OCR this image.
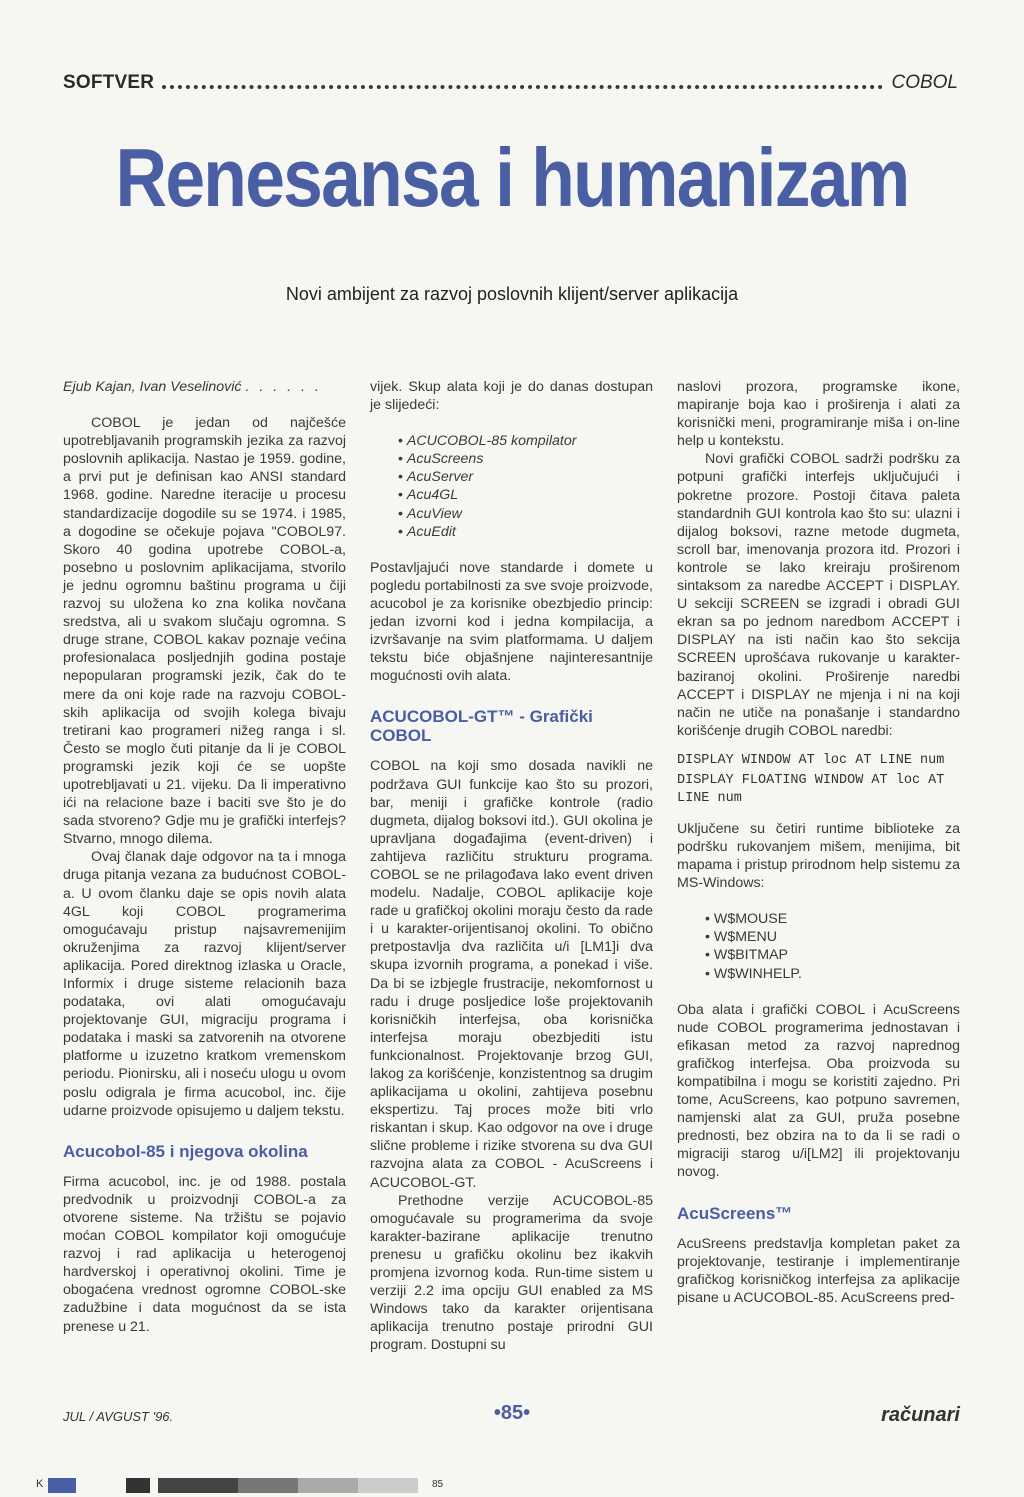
SOFTVER	COBOL
Renesansa i humanizam
Novi ambijent za razvoj poslovnih klijent/server aplikacija
Ejub Kajan, Ivan Veselinović . . . . . .

COBOL je jedan od najčešće upotrebljavanih programskih jezika za razvoj poslovnih aplikacija. Nastao je 1959. godine, a prvi put je definisan kao ANSI standard 1968. godine. Naredne iteracije u procesu standardizacije dogodile su se 1974. i 1985, a dogodine se očekuje pojava "COBOL97. Skoro 40 godina upotrebe COBOL-a, posebno u poslovnim aplikacijama, stvorilo je jednu ogromnu baštinu programa u čiji razvoj su uložena ko zna kolika novčana sredstva, ali u svakom slučaju ogromna. S druge strane, COBOL kakav poznaje većina profesionalaca posljednjih godina postaje nepopularan programski jezik, čak do te mere da oni koje rade na razvoju COBOL-skih aplikacija od svojih kolega bivaju tretirani kao programeri nižeg ranga i sl. Često se moglo čuti pitanje da li je COBOL programski jezik koji će se uopšte upotrebljavati u 21. vijeku. Da li imperativno ići na relacione baze i baciti sve što je do sada stvoreno? Gdje mu je grafički interfejs? Stvarno, mnogo dilema.

Ovaj članak daje odgovor na ta i mnoga druga pitanja vezana za budućnost COBOL-a. U ovom članku daje se opis novih alata 4GL koji COBOL programerima omogućavaju pristup najsavremenijim okruženjima za razvoj klijent/server aplikacija. Pored direktnog izlaska u Oracle, Informix i druge sisteme relacionih baza podataka, ovi alati omogućavaju projektovanje GUI, migraciju programa i podataka i maski sa zatvorenih na otvorene platforme u izuzetno kratkom vremenskom periodu. Pionirsku, ali i noseću ulogu u ovom poslu odigrala je firma acucobol, inc. čije udarne proizvode opisujemo u daljem tekstu.

Acucobol-85 i njegova okolina

Firma acucobol, inc. je od 1988. postala predvodnik u proizvodnji COBOL-a za otvorene sisteme. Na tržištu se pojavio moćan COBOL kompilator koji omogućuje razvoj i rad aplikacija u heterogenoj hardverskoj i operativnoj okolini. Time je obogaćena vrednost ogromne COBOL-ske zadužbine i data mogućnost da se ista prenese u 21.

vijek. Skup alata koji je do danas dostupan je slijedeći:

• ACUCOBOL-85 kompilator
• AcuScreens
• AcuServer
• Acu4GL
• AcuView
• AcuEdit

Postavljajući nove standarde i domete u pogledu portabilnosti za sve svoje proizvode, acucobol je za korisnike obezbjedio princip: jedan izvorni kod i jedna kompilacija, a izvršavanje na svim platformama. U daljem tekstu biće objašnjene najinteresantnije mogućnosti ovih alata.

ACUCOBOL-GT™ - Grafički COBOL

COBOL na koji smo dosada navikli ne podržava GUI funkcije kao što su prozori, bar, meniji i grafičke kontrole (radio dugmeta, dijalog boksovi itd.). GUI okolina je upravljana događajima (event-driven) i zahtijeva različitu strukturu programa. COBOL se ne prilagođava lako event driven modelu. Nadalje, COBOL aplikacije koje rade u grafičkoj okolini moraju često da rade i u karakter-orijentisanoj okolini. To obično pretpostavlja dva različita u/i [LM1]i dva skupa izvornih programa, a ponekad i više. Da bi se izbjegle frustracije, nekomfornost u radu i druge posljedice loše projektovanih korisničkih interfejsa, oba korisnička interfejsa moraju obezbjediti istu funkcionalnost. Projektovanje brzog GUI, lakog za korišćenje, konzistentnog sa drugim aplikacijama u okolini, zahtijeva posebnu ekspertizu. Taj proces može biti vrlo riskantan i skup. Kao odgovor na ove i druge slične probleme i rizike stvorena su dva GUI razvojna alata za COBOL - AcuScreens i ACUCOBOL-GT.

Prethodne verzije ACUCOBOL-85 omogućavale su programerima da svoje karakter-bazirane aplikacije trenutno prenesu u grafičku okolinu bez ikakvih promjena izvornog koda. Run-time sistem u verziji 2.2 ima opciju GUI enabled za MS Windows tako da karakter orijentisana aplikacija trenutno postaje prirodni GUI program. Dostupni su

naslovi prozora, programske ikone, mapiranje boja kao i proširenja i alati za korisnički meni, programiranje miša i on-line help u kontekstu.

Novi grafički COBOL sadrži podršku za potpuni grafički interfejs uključujući i pokretne prozore. Postoji čitava paleta standardnih GUI kontrola kao što su: ulazni i dijalog boksovi, razne metode dugmeta, scroll bar, imenovanja prozora itd. Prozori i kontrole se lako kreiraju proširenom sintaksom za naredbe ACCEPT i DISPLAY. U sekciji SCREEN se izgradi i obradi GUI ekran sa po jednom naredbom ACCEPT i DISPLAY na isti način kao što sekcija SCREEN uprošćava rukovanje u karakter-baziranoj okolini. Proširenje naredbi ACCEPT i DISPLAY ne mjenja i ni na koji način ne utiče na ponašanje i standardno korišćenje drugih COBOL naredbi:

DISPLAY WINDOW AT loc AT LINE num
DISPLAY FLOATING WINDOW AT loc AT LINE num

Uključene su četiri runtime biblioteke za podršku rukovanjem mišem, menijima, bit mapama i pristup prirodnom help sistemu za MS-Windows:

• W$MOUSE
• W$MENU
• W$BITMAP
• W$WINHELP.

Oba alata i grafički COBOL i AcuScreens nude COBOL programerima jednostavan i efikasan metod za razvoj naprednog grafičkog interfejsa. Oba proizvoda su kompatibilna i mogu se koristiti zajedno. Pri tome, AcuScreens, kao potpuno savremen, namjenski alat za GUI, pruža posebne prednosti, bez obzira na to da li se radi o migraciji starog u/i[LM2] ili projektovanju novog.

AcuScreens™

AcuSreens predstavlja kompletan paket za projektovanje, testiranje i implementiranje grafičkog korisničkog interfejsa za aplikacije pisane u ACUCOBOL-85. AcuScreens pred-

JUL / AVGUST '96.	•85•	računari
K	85
